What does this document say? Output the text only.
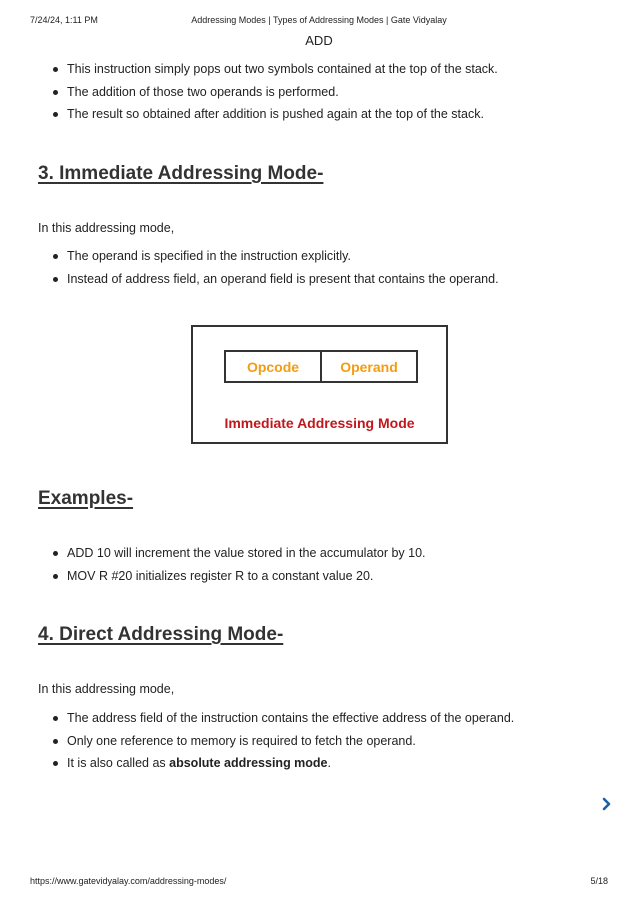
7/24/24, 1:11 PM	Addressing Modes | Types of Addressing Modes | Gate Vidyalay
ADD
This instruction simply pops out two symbols contained at the top of the stack.
The addition of those two operands is performed.
The result so obtained after addition is pushed again at the top of the stack.
3. Immediate Addressing Mode-
In this addressing mode,
The operand is specified in the instruction explicitly.
Instead of address field, an operand field is present that contains the operand.
Opcode	Operand
Immediate Addressing Mode
Examples-
ADD 10 will increment the value stored in the accumulator by 10.
MOV R #20 initializes register R to a constant value 20.
4. Direct Addressing Mode-
In this addressing mode,
The address field of the instruction contains the effective address of the operand.
Only one reference to memory is required to fetch the operand.
It is also called as absolute addressing mode.
https://www.gatevidyalay.com/addressing-modes/	5/18
